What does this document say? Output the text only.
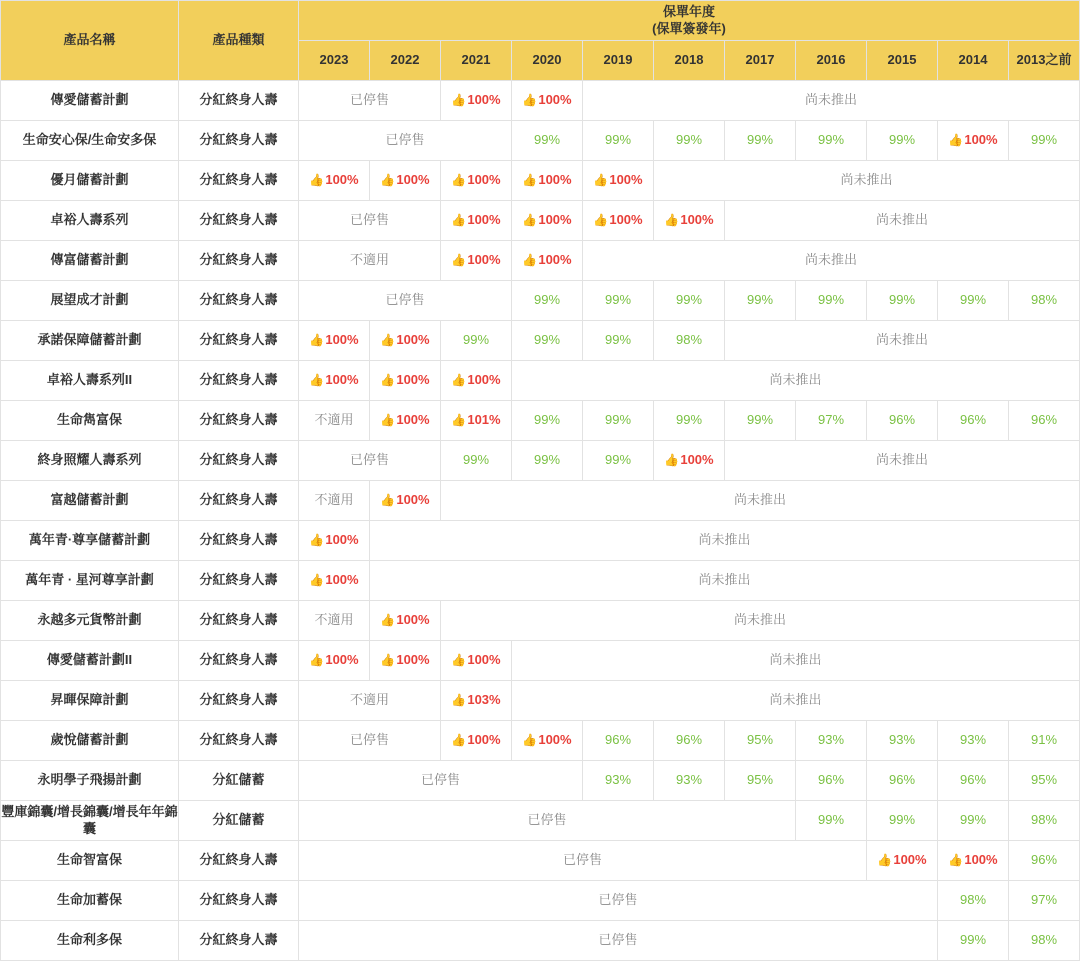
產品名稱	產品種類	保單年度
(保單簽發年)										

		2023	2022	2021	2020	2019	2018	2017	2016	2015	2014	2013之前
傳愛儲蓄計劃	分紅終身人壽	已停售		👍100%	👍100%	尚未推出						
生命安心保/生命安多保	分紅終身人壽	已停售			99%	99%	99%	99%	99%	99%	👍100%	99%
優月儲蓄計劃	分紅終身人壽	👍100%	👍100%	👍100%	👍100%	👍100%	尚未推出					
卓裕人壽系列	分紅終身人壽	已停售		👍100%	👍100%	👍100%	👍100%	尚未推出				
傳富儲蓄計劃	分紅終身人壽	不適用		👍100%	👍100%	尚未推出						
展望成才計劃	分紅終身人壽	已停售			99%	99%	99%	99%	99%	99%	99%	98%
承諾保障儲蓄計劃	分紅終身人壽	👍100%	👍100%	99%	99%	99%	98%	尚未推出				
卓裕人壽系列II	分紅終身人壽	👍100%	👍100%	👍100%	尚未推出							
生命雋富保	分紅終身人壽	不適用	👍100%	👍101%	99%	99%	99%	99%	97%	96%	96%	96%
終身照耀人壽系列	分紅終身人壽	已停售		99%	99%	99%	👍100%	尚未推出				
富越儲蓄計劃	分紅終身人壽	不適用	👍100%	尚未推出								
萬年青·尊享儲蓄計劃	分紅終身人壽	👍100%	尚未推出									
萬年青 · 星河尊享計劃	分紅終身人壽	👍100%	尚未推出									
永越多元貨幣計劃	分紅終身人壽	不適用	👍100%	尚未推出								
傳愛儲蓄計劃II	分紅終身人壽	👍100%	👍100%	👍100%	尚未推出							
昇暉保障計劃	分紅終身人壽	不適用		👍103%	尚未推出							
歲悅儲蓄計劃	分紅終身人壽	已停售		👍100%	👍100%	96%	96%	95%	93%	93%	93%	91%
永明學子飛揚計劃	分紅儲蓄	已停售				93%	93%	95%	96%	96%	96%	95%
豐庫錦囊/增長錦囊/增長年年錦囊	分紅儲蓄	已停售							99%	99%	99%	98%
生命智富保	分紅終身人壽	已停售								👍100%	👍100%	96%
生命加蓄保	分紅終身人壽	已停售									98%	97%
生命利多保	分紅終身人壽	已停售									99%	98%
